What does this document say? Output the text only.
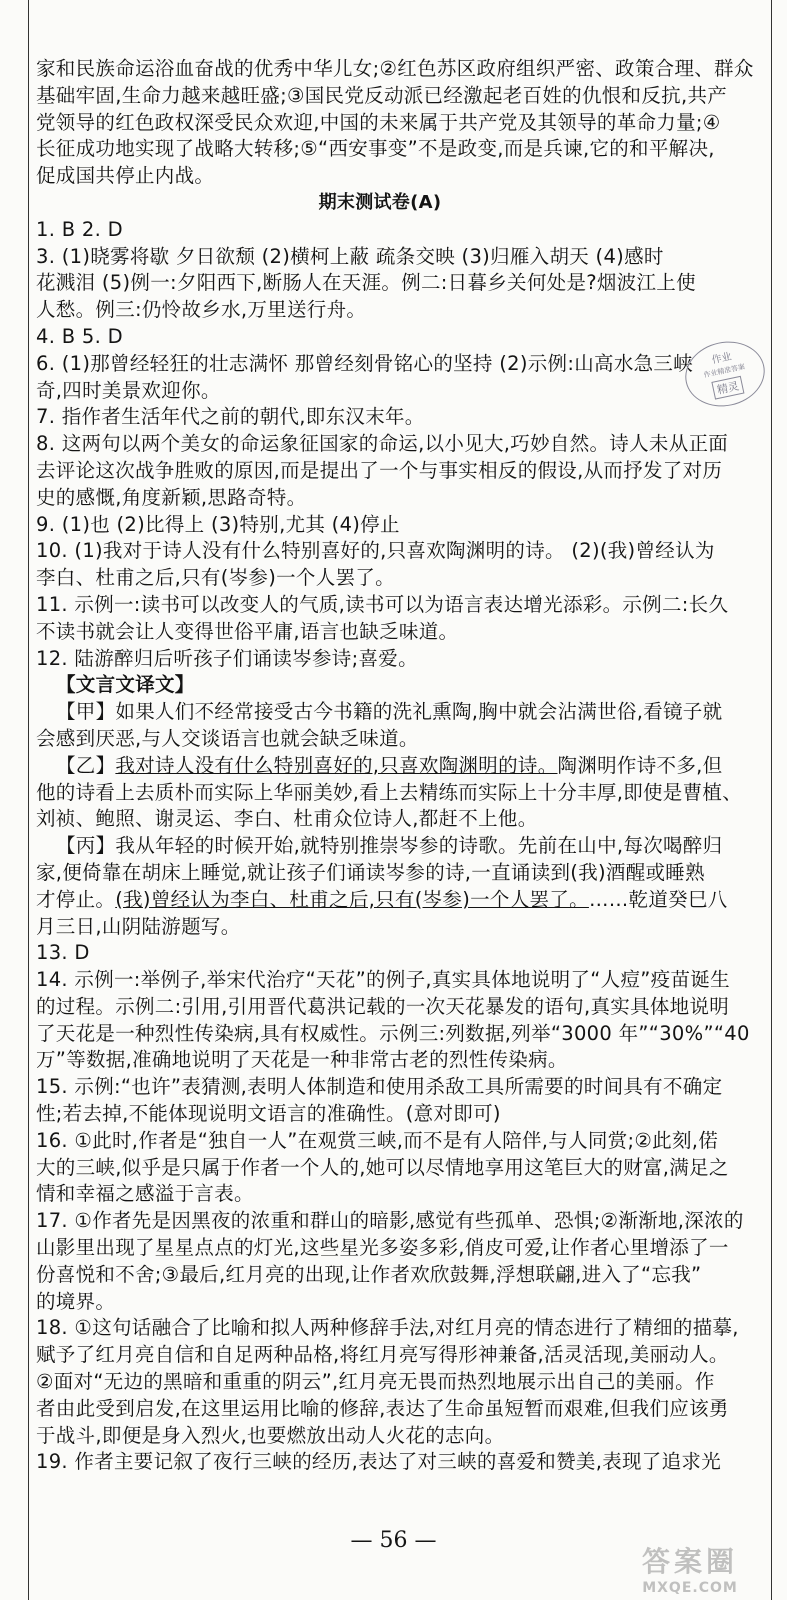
家和民族命运浴血奋战的优秀中华儿女;②红色苏区政府组织严密、政策合理、群众
基础牢固,生命力越来越旺盛;③国民党反动派已经激起老百姓的仇恨和反抗,共产
党领导的红色政权深受民众欢迎,中国的未来属于共产党及其领导的革命力量;④
长征成功地实现了战略大转移;⑤“西安事变”不是政变,而是兵谏,它的和平解决,
促成国共停止内战。
期末测试卷(A)
1. B 2. D
3. (1)晓雾将歇 夕日欲颓 (2)横柯上蔽 疏条交映 (3)归雁入胡天 (4)感时
花溅泪 (5)例一:夕阳西下,断肠人在天涯。例二:日暮乡关何处是?烟波江上使
人愁。例三:仍怜故乡水,万里送行舟。
4. B 5. D
6. (1)那曾经轻狂的壮志满怀 那曾经刻骨铭心的坚持 (2)示例:山高水急三峡
奇,四时美景欢迎你。
7. 指作者生活年代之前的朝代,即东汉末年。
8. 这两句以两个美女的命运象征国家的命运,以小见大,巧妙自然。诗人未从正面
去评论这次战争胜败的原因,而是提出了一个与事实相反的假设,从而抒发了对历
史的感慨,角度新颖,思路奇特。
9. (1)也 (2)比得上 (3)特别,尤其 (4)停止
10. (1)我对于诗人没有什么特别喜好的,只喜欢陶渊明的诗。 (2)(我)曾经认为
李白、杜甫之后,只有(岑参)一个人罢了。
11. 示例一:读书可以改变人的气质,读书可以为语言表达增光添彩。示例二:长久
不读书就会让人变得世俗平庸,语言也缺乏味道。
12. 陆游醉归后听孩子们诵读岑参诗;喜爱。
【文言文译文】
【甲】如果人们不经常接受古今书籍的洗礼熏陶,胸中就会沾满世俗,看镜子就
会感到厌恶,与人交谈语言也就会缺乏味道。
【乙】我对诗人没有什么特别喜好的,只喜欢陶渊明的诗。陶渊明作诗不多,但
他的诗看上去质朴而实际上华丽美妙,看上去精练而实际上十分丰厚,即使是曹植、
刘祯、鲍照、谢灵运、李白、杜甫众位诗人,都赶不上他。
【丙】我从年轻的时候开始,就特别推崇岑参的诗歌。先前在山中,每次喝醉归
家,便倚靠在胡床上睡觉,就让孩子们诵读岑参的诗,一直诵读到(我)酒醒或睡熟
才停止。(我)曾经认为李白、杜甫之后,只有(岑参)一个人罢了。……乾道癸巳八
月三日,山阴陆游题写。
13. D
14. 示例一:举例子,举宋代治疗“天花”的例子,真实具体地说明了“人痘”疫苗诞生
的过程。示例二:引用,引用晋代葛洪记载的一次天花暴发的语句,真实具体地说明
了天花是一种烈性传染病,具有权威性。示例三:列数据,列举“3000 年”“30%”“40
万”等数据,准确地说明了天花是一种非常古老的烈性传染病。
15. 示例:“也许”表猜测,表明人体制造和使用杀敌工具所需要的时间具有不确定
性;若去掉,不能体现说明文语言的准确性。(意对即可)
16. ①此时,作者是“独自一人”在观赏三峡,而不是有人陪伴,与人同赏;②此刻,偌
大的三峡,似乎是只属于作者一个人的,她可以尽情地享用这笔巨大的财富,满足之
情和幸福之感溢于言表。
17. ①作者先是因黑夜的浓重和群山的暗影,感觉有些孤单、恐惧;②渐渐地,深浓的
山影里出现了星星点点的灯光,这些星光多姿多彩,俏皮可爱,让作者心里增添了一
份喜悦和不舍;③最后,红月亮的出现,让作者欢欣鼓舞,浮想联翩,进入了“忘我”
的境界。
18. ①这句话融合了比喻和拟人两种修辞手法,对红月亮的情态进行了精细的描摹,
赋予了红月亮自信和自足两种品格,将红月亮写得形神兼备,活灵活现,美丽动人。
②面对“无边的黑暗和重重的阴云”,红月亮无畏而热烈地展示出自己的美丽。作
者由此受到启发,在这里运用比喻的修辞,表达了生命虽短暂而艰难,但我们应该勇
于战斗,即便是身入烈火,也要燃放出动人火花的志向。
19. 作者主要记叙了夜行三峡的经历,表达了对三峡的喜爱和赞美,表现了追求光
作业
作业精准答案
精灵
— 56 —
答案圈
MXQE.COM
